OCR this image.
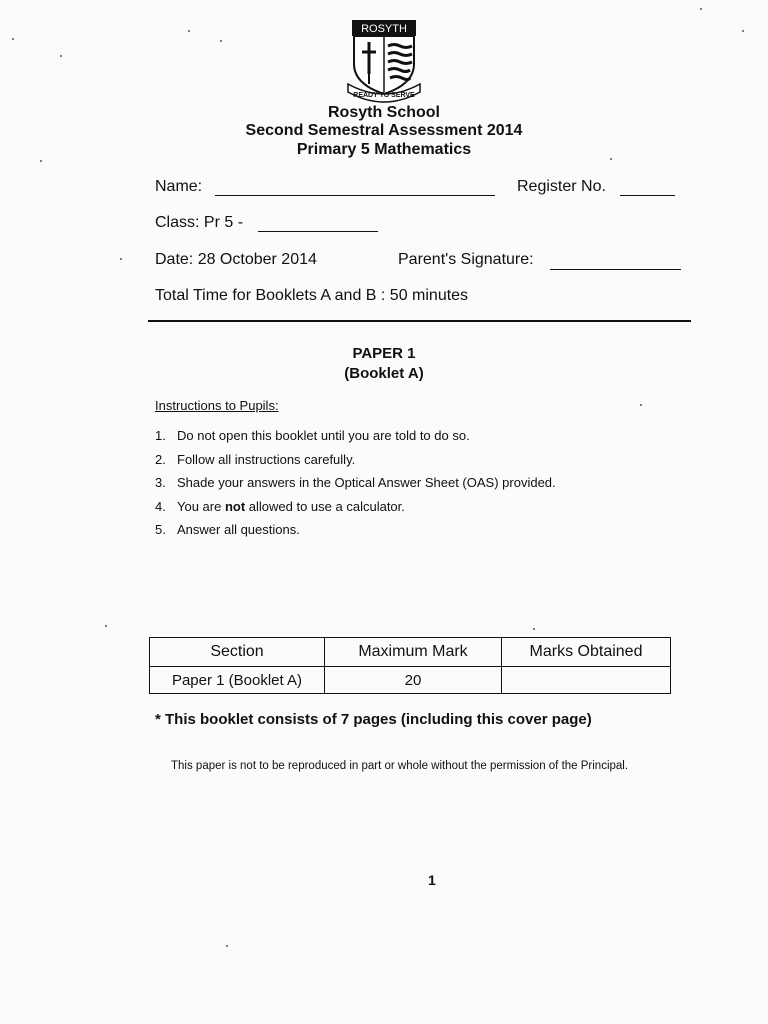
ROSYTH
READY TO SERVE
Rosyth School
Second Semestral Assessment 2014
Primary 5 Mathematics
Name:	Register No.
Class: Pr 5 -
Date: 28 October 2014	Parent's Signature:
Total Time for Booklets A and B : 50 minutes
PAPER 1
(Booklet A)
Instructions to Pupils:
1. Do not open this booklet until you are told to do so.
2. Follow all instructions carefully.
3. Shade your answers in the Optical Answer Sheet (OAS) provided.
4. You are not allowed to use a calculator.
5. Answer all questions.
Section	Maximum Mark	Marks Obtained
Paper 1 (Booklet A)	20	
* This booklet consists of 7 pages (including this cover page)
This paper is not to be reproduced in part or whole without the permission of the Principal.
1
